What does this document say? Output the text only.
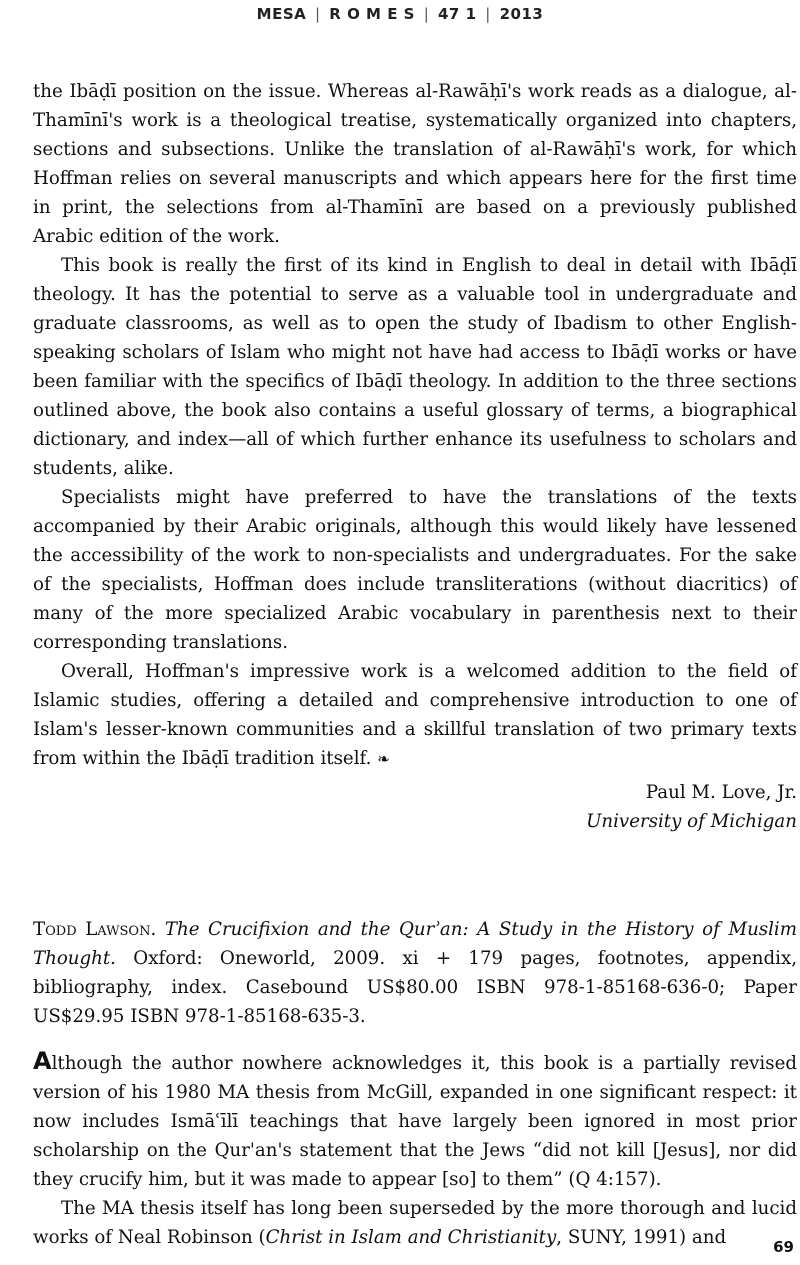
MESA | R O M E S | 47 1 | 2013

the Ibāḍī position on the issue. Whereas al-Rawāḥī's work reads as a dialogue, al-Thamīnī's work is a theological treatise, systematically organized into chapters, sections and subsections. Unlike the translation of al-Rawāḥī's work, for which Hoffman relies on several manuscripts and which appears here for the first time in print, the selections from al-Thamīnī are based on a previously published Arabic edition of the work.

This book is really the first of its kind in English to deal in detail with Ibāḍī theology. It has the potential to serve as a valuable tool in undergraduate and graduate classrooms, as well as to open the study of Ibadism to other English-speaking scholars of Islam who might not have had access to Ibāḍī works or have been familiar with the specifics of Ibāḍī theology. In addition to the three sections outlined above, the book also contains a useful glossary of terms, a biographical dictionary, and index—all of which further enhance its usefulness to scholars and students, alike.

Specialists might have preferred to have the translations of the texts accompanied by their Arabic originals, although this would likely have lessened the accessibility of the work to non-specialists and undergraduates. For the sake of the specialists, Hoffman does include transliterations (without diacritics) of many of the more specialized Arabic vocabulary in parenthesis next to their corresponding translations.

Overall, Hoffman's impressive work is a welcomed addition to the field of Islamic studies, offering a detailed and comprehensive introduction to one of Islam's lesser-known communities and a skillful translation of two primary texts from within the Ibāḍī tradition itself. ❧

Paul M. Love, Jr.

University of Michigan

Todd Lawson. The Crucifixion and the Qurʾan: A Study in the History of Muslim Thought. Oxford: Oneworld, 2009. xi + 179 pages, footnotes, appendix, bibliography, index. Casebound US$80.00 ISBN 978-1-85168-636-0; Paper US$29.95 ISBN 978-1-85168-635-3.

Although the author nowhere acknowledges it, this book is a partially revised version of his 1980 MA thesis from McGill, expanded in one significant respect: it now includes Ismāʿīlī teachings that have largely been ignored in most prior scholarship on the Qur'an's statement that the Jews “did not kill [Jesus], nor did they crucify him, but it was made to appear [so] to them” (Q 4:157).

The MA thesis itself has long been superseded by the more thorough and lucid works of Neal Robinson (Christ in Islam and Christianity, SUNY, 1991) and	69
